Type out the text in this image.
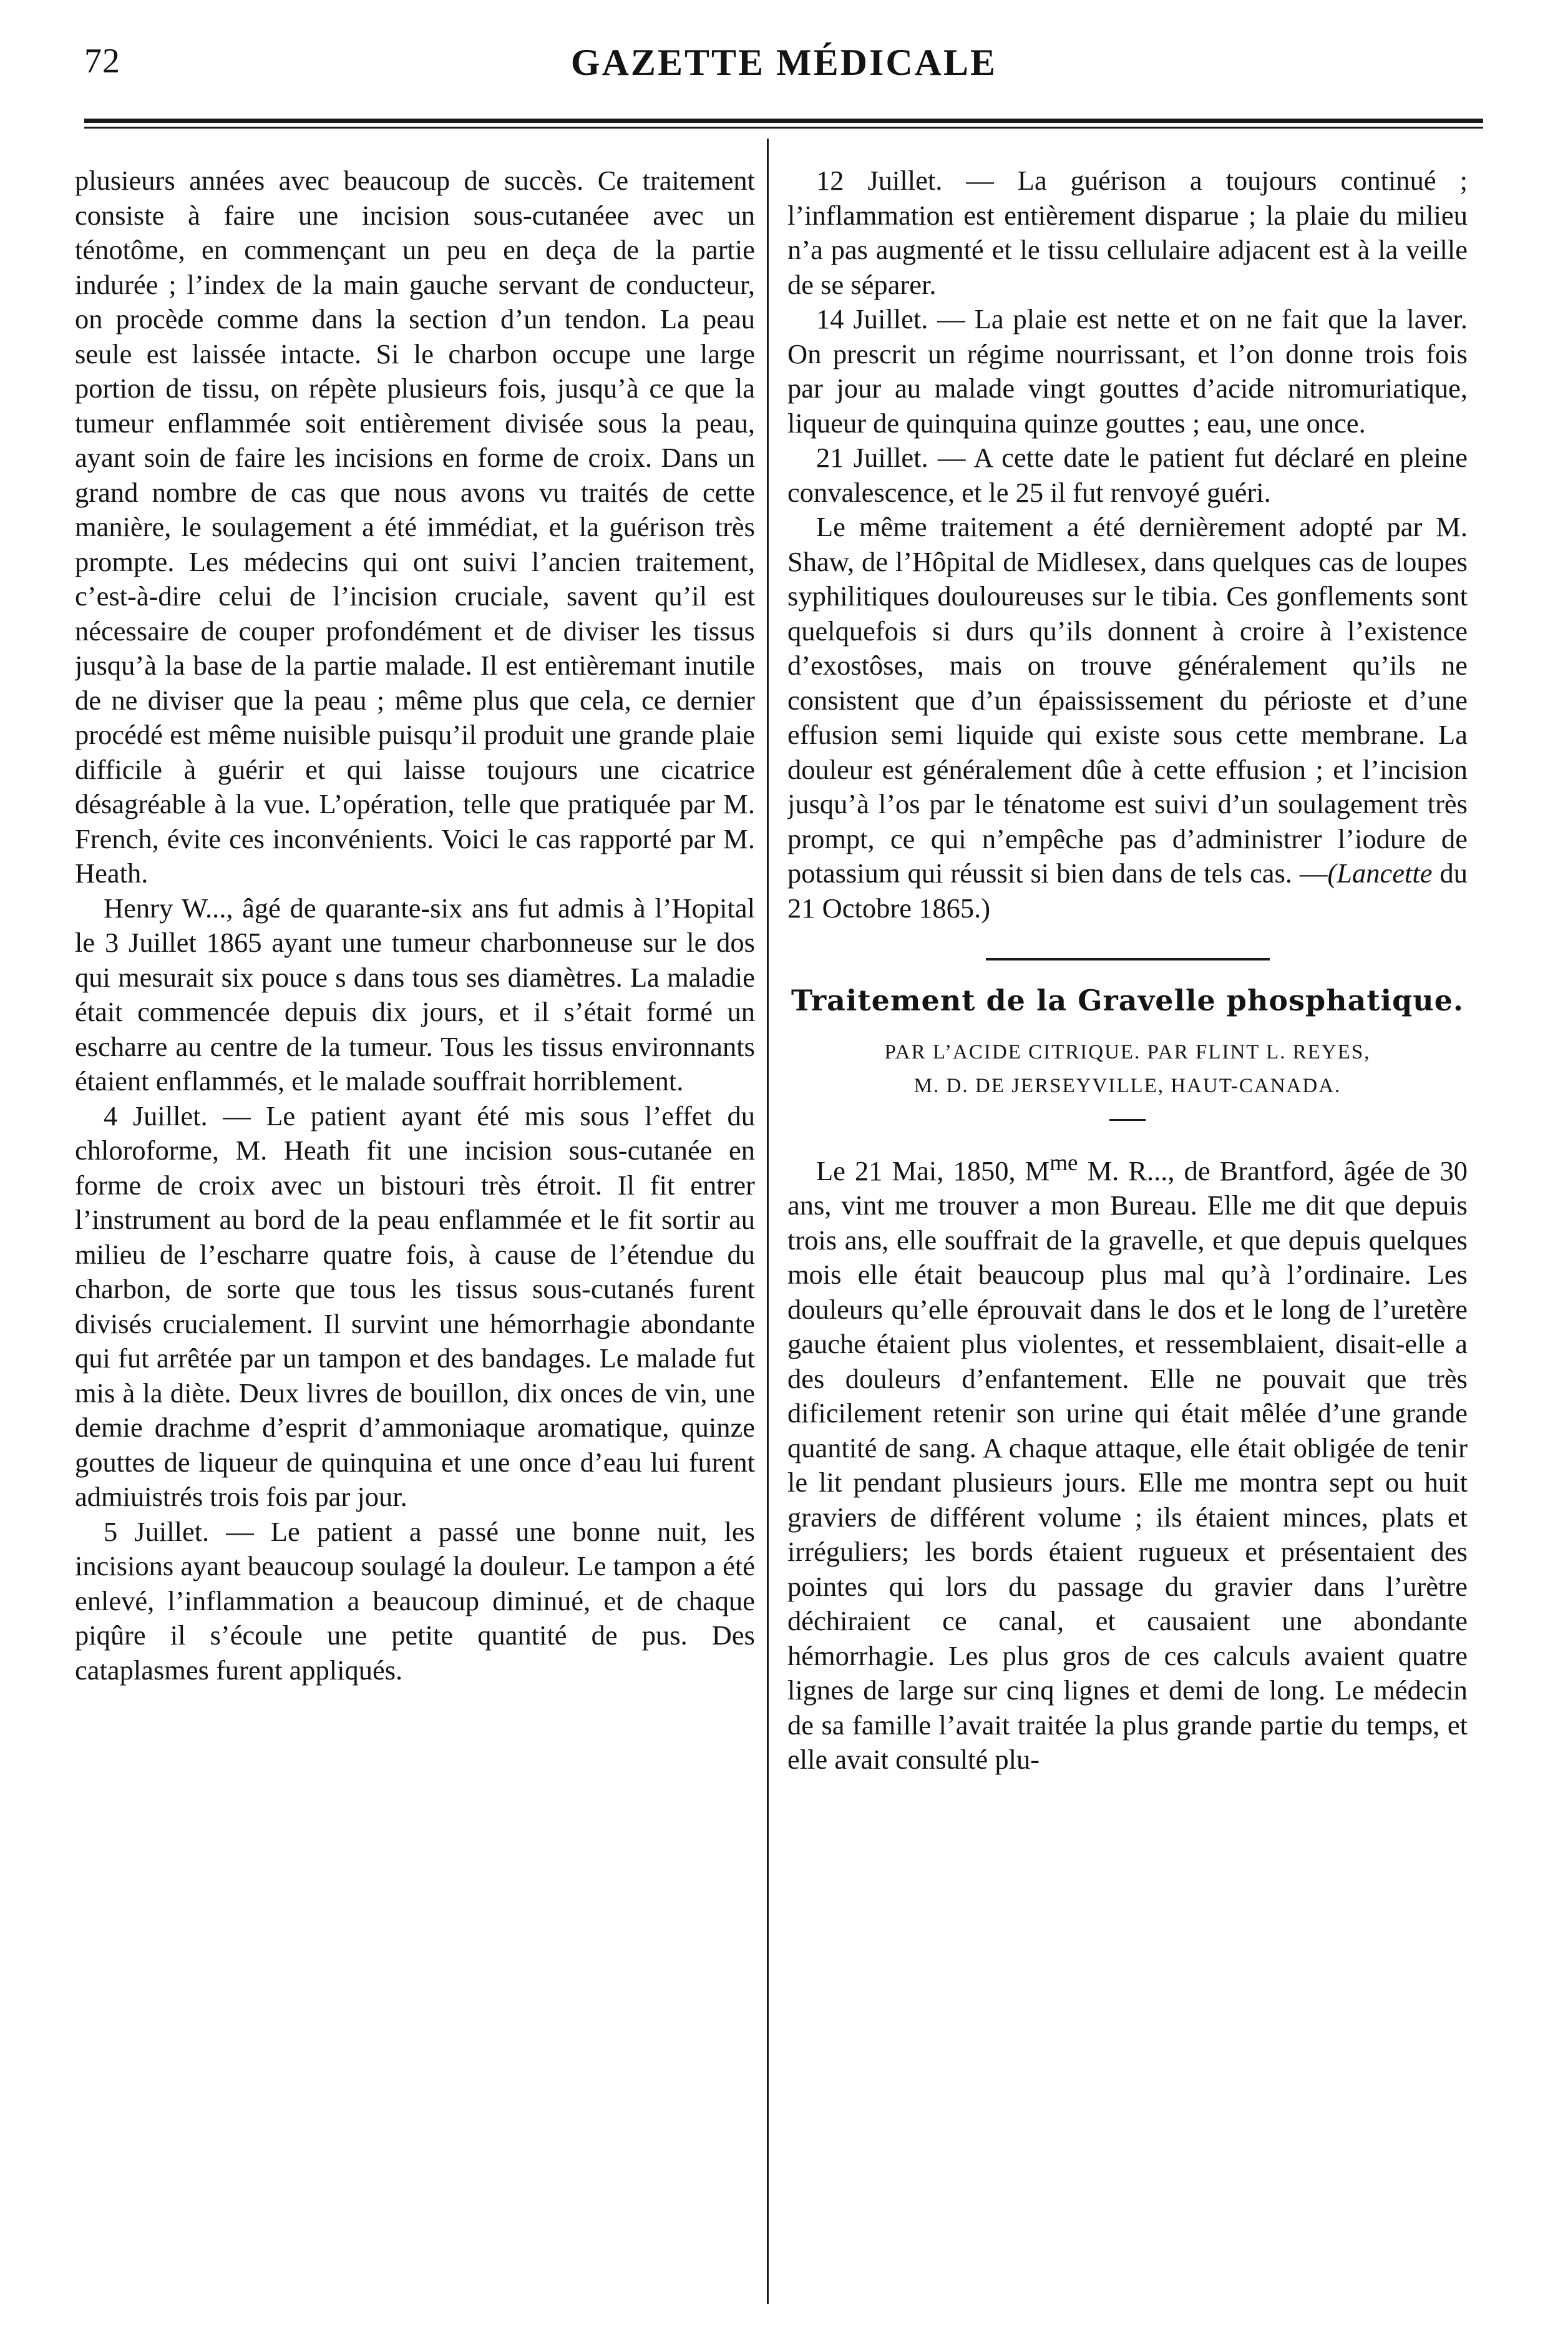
72	GAZETTE MÉDICALE

plusieurs années avec beaucoup de succès. Ce traitement consiste à faire une incision sous-cutanéee avec un ténotôme, en commençant un peu en deça de la partie indurée ; l’index de la main gauche servant de conducteur, on procède comme dans la section d’un tendon. La peau seule est laissée intacte. Si le charbon occupe une large portion de tissu, on répète plusieurs fois, jusqu’à ce que la tumeur enflammée soit entièrement divisée sous la peau, ayant soin de faire les incisions en forme de croix. Dans un grand nombre de cas que nous avons vu traités de cette manière, le soulagement a été immédiat, et la guérison très prompte. Les médecins qui ont suivi l’ancien traitement, c’est-à-dire celui de l’incision cruciale, savent qu’il est nécessaire de couper profondément et de diviser les tissus jusqu’à la base de la partie malade. Il est entièremant inutile de ne diviser que la peau ; même plus que cela, ce dernier procédé est même nuisible puisqu’il produit une grande plaie difficile à guérir et qui laisse toujours une cicatrice désagréable à la vue. L’opération, telle que pratiquée par M. French, évite ces inconvénients. Voici le cas rapporté par M. Heath.

Henry W..., âgé de quarante-six ans fut admis à l’Hopital le 3 Juillet 1865 ayant une tumeur charbonneuse sur le dos qui mesurait six pouce s dans tous ses diamètres. La maladie était commencée depuis dix jours, et il s’était formé un escharre au centre de la tumeur. Tous les tissus environnants étaient enflammés, et le malade souffrait horriblement.

4 Juillet. — Le patient ayant été mis sous l’effet du chloroforme, M. Heath fit une incision sous-cutanée en forme de croix avec un bistouri très étroit. Il fit entrer l’instrument au bord de la peau enflammée et le fit sortir au milieu de l’escharre quatre fois, à cause de l’étendue du charbon, de sorte que tous les tissus sous-cutanés furent divisés crucialement. Il survint une hémorrhagie abondante qui fut arrêtée par un tampon et des bandages. Le malade fut mis à la diète. Deux livres de bouillon, dix onces de vin, une demie drachme d’esprit d’ammoniaque aromatique, quinze gouttes de liqueur de quinquina et une once d’eau lui furent admiuistrés trois fois par jour.

5 Juillet. — Le patient a passé une bonne nuit, les incisions ayant beaucoup soulagé la douleur. Le tampon a été enlevé, l’inflammation a beaucoup diminué, et de chaque piqûre il s’écoule une petite quantité de pus. Des cataplasmes furent appliqués.

12 Juillet. — La guérison a toujours continué ; l’inflammation est entièrement disparue ; la plaie du milieu n’a pas augmenté et le tissu cellulaire adjacent est à la veille de se séparer.

14 Juillet. — La plaie est nette et on ne fait que la laver. On prescrit un régime nourrissant, et l’on donne trois fois par jour au malade vingt gouttes d’acide nitromuriatique, liqueur de quinquina quinze gouttes ; eau, une once.

21 Juillet. — A cette date le patient fut déclaré en pleine convalescence, et le 25 il fut renvoyé guéri.

Le même traitement a été dernièrement adopté par M. Shaw, de l’Hôpital de Midlesex, dans quelques cas de loupes syphilitiques douloureuses sur le tibia. Ces gonflements sont quelquefois si durs qu’ils donnent à croire à l’existence d’exostôses, mais on trouve généralement qu’ils ne consistent que d’un épaississement du périoste et d’une effusion semi liquide qui existe sous cette membrane. La douleur est généralement dûe à cette effusion ; et l’incision jusqu’à l’os par le ténatome est suivi d’un soulagement très prompt, ce qui n’empêche pas d’administrer l’iodure de potassium qui réussit si bien dans de tels cas. —(Lancette du 21 Octobre 1865.)

Traitement de la Gravelle phosphatique.
PAR L’ACIDE CITRIQUE. PAR FLINT L. REYES,
M. D. DE JERSEYVILLE, HAUT-CANADA.

Le 21 Mai, 1850, $M^{me}$ M. R..., de Brantford, âgée de 30 ans, vint me trouver a mon Bureau. Elle me dit que depuis trois ans, elle souffrait de la gravelle, et que depuis quelques mois elle était beaucoup plus mal qu’à l’ordinaire. Les douleurs qu’elle éprouvait dans le dos et le long de l’uretère gauche étaient plus violentes, et ressemblaient, disait-elle a des douleurs d’enfantement. Elle ne pouvait que très dificilement retenir son urine qui était mêlée d’une grande quantité de sang. A chaque attaque, elle était obligée de tenir le lit pendant plusieurs jours. Elle me montra sept ou huit graviers de différent volume ; ils étaient minces, plats et irréguliers; les bords étaient rugueux et présentaient des pointes qui lors du passage du gravier dans l’urètre déchiraient ce canal, et causaient une abondante hémorrhagie. Les plus gros de ces calculs avaient quatre lignes de large sur cinq lignes et demi de long. Le médecin de sa famille l’avait traitée la plus grande partie du temps, et elle avait consulté plu-
